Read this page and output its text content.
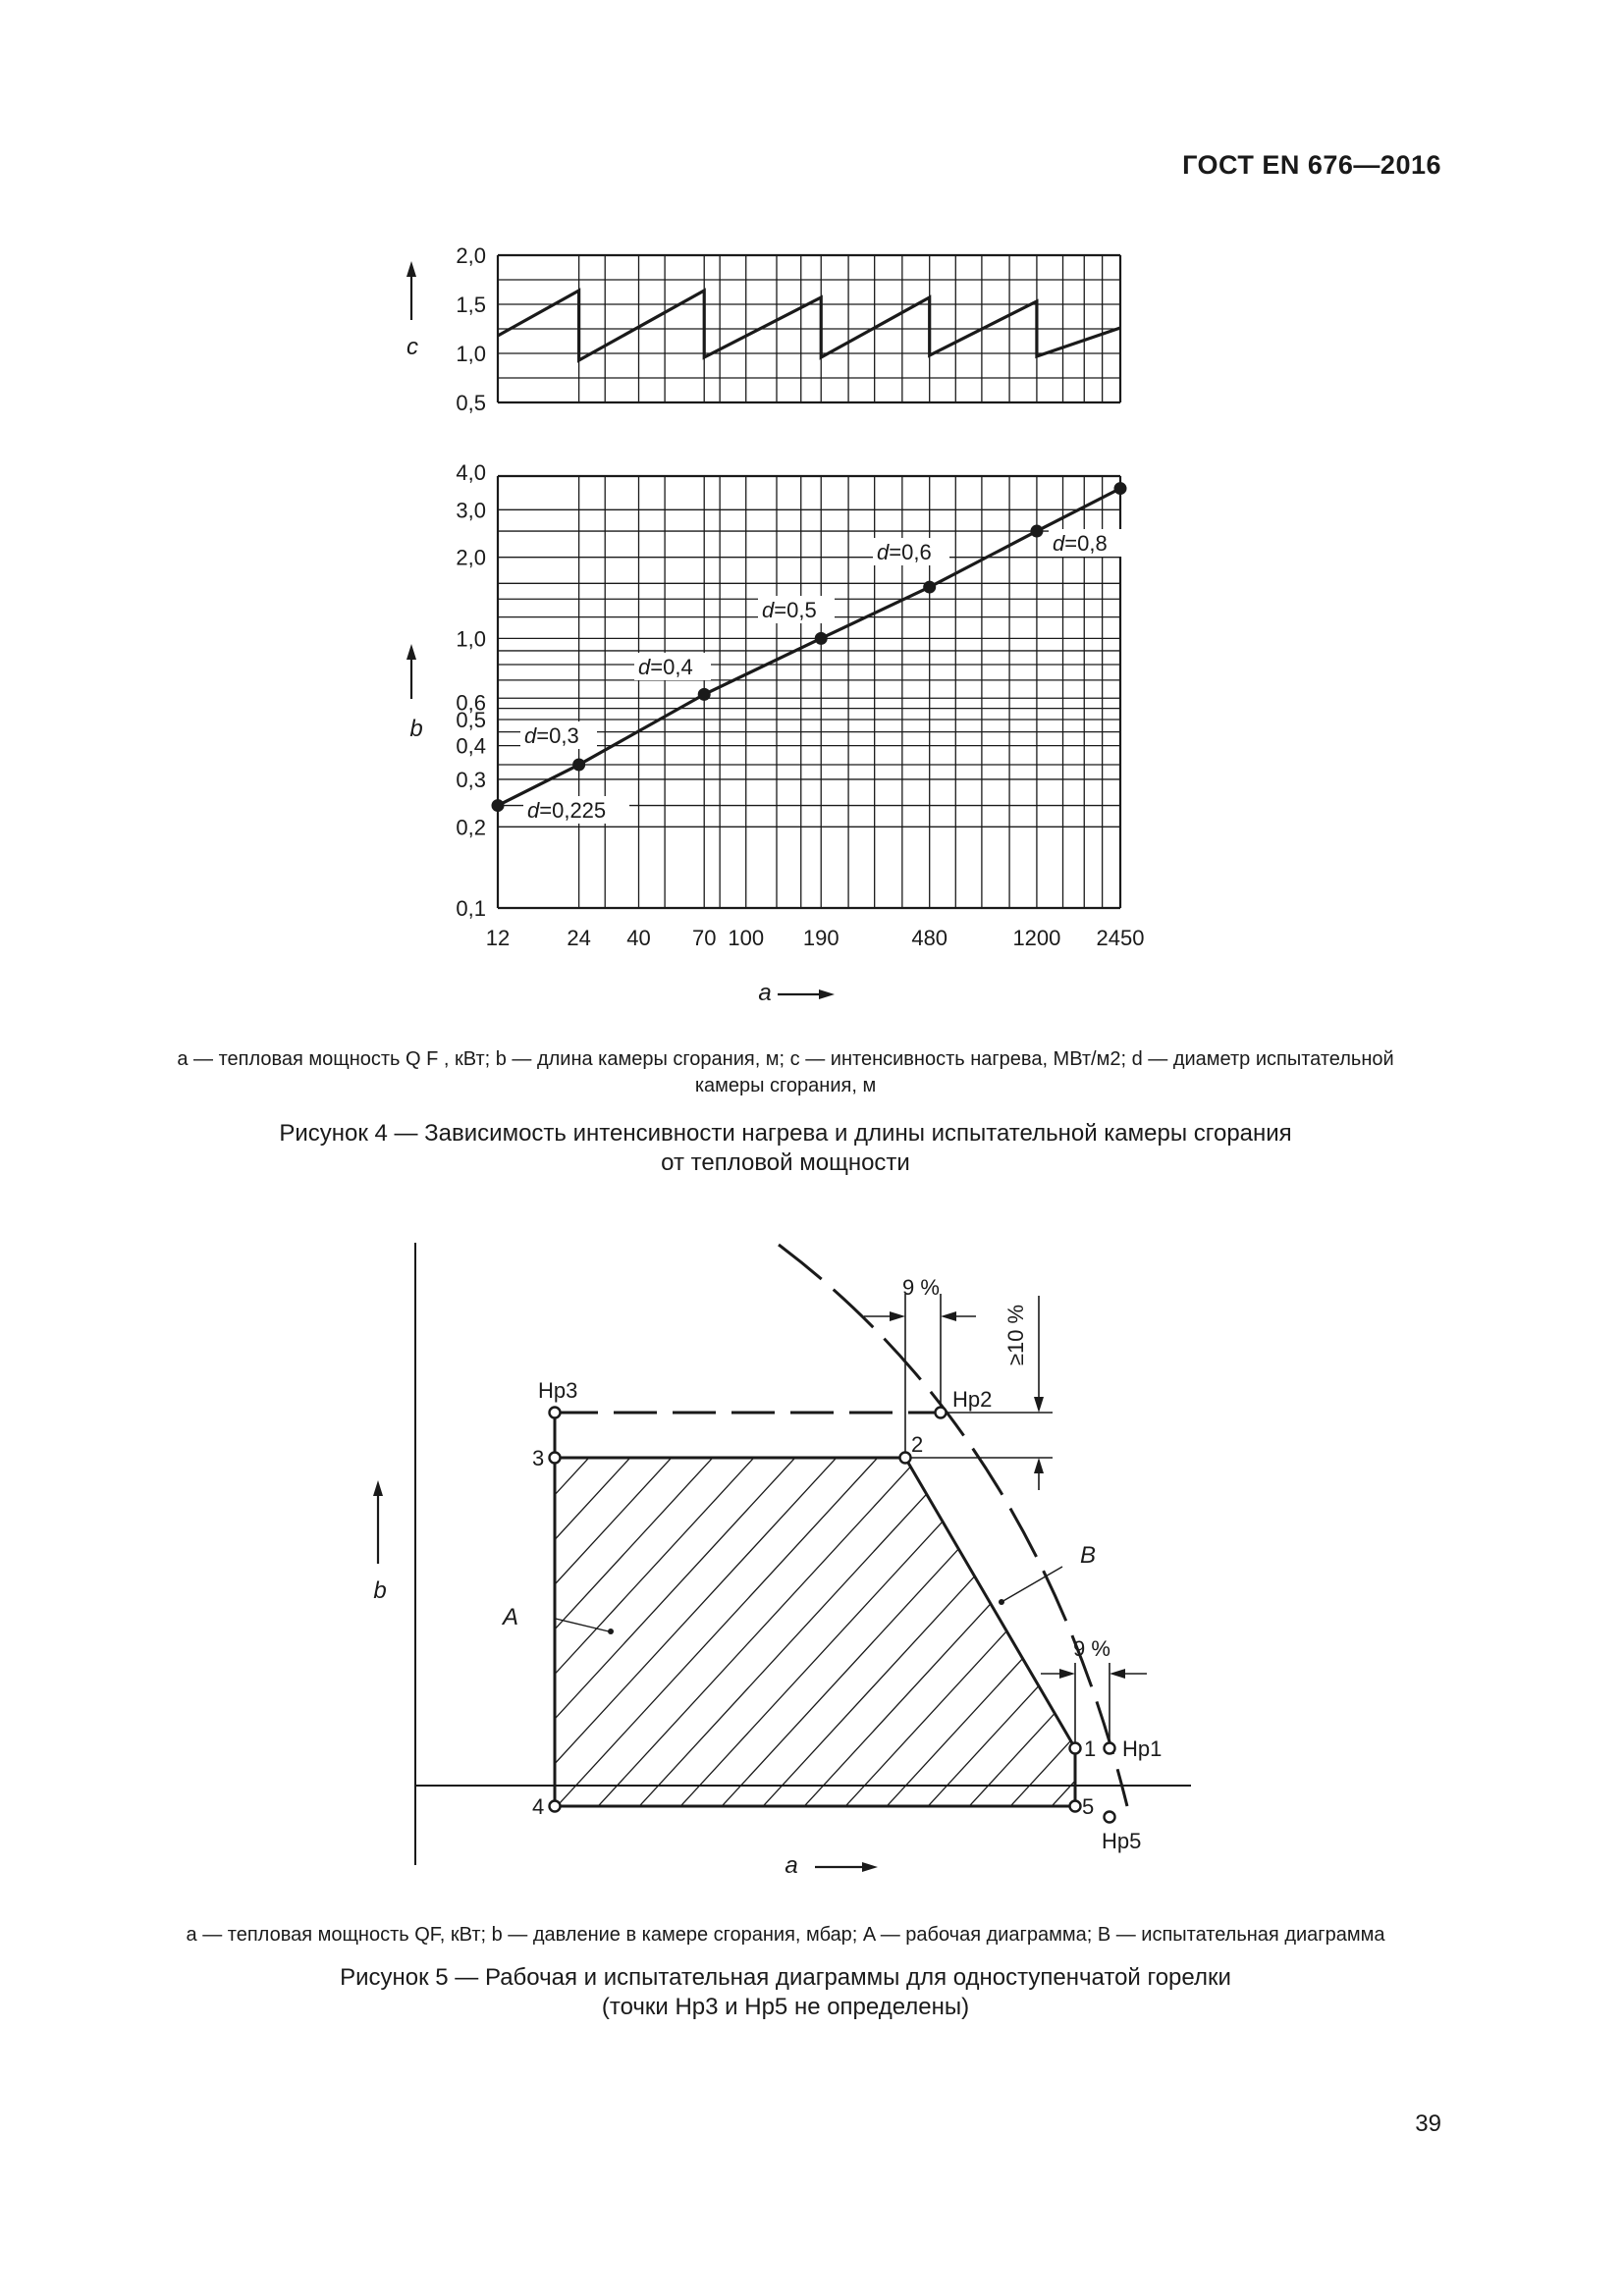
ГОСТ EN 676—2016
d=0,225
d=0,3
d=0,4
d=0,5
d=0,6	d=0,8
2,0
1,5
1,0
0,5
4,0
3,0
2,0
1,0
0,6
0,5
0,4
0,3
0,2
0,1
12	24 40 70 100 190	480	1200 2450
c
b
a
a — тепловая мощность Q F , кВт; b — длина камеры сгорания, м; c — интенсивность нагрева, МВт/м2; d — диаметр испытательной
камеры сгорания, м
Рисунок 4 — Зависимость интенсивности нагрева и длины испытательной камеры сгорания
от тепловой мощности
9 %
≥10 %
9 %
A
B
Hp3	Hp2
3
2
1 Hp1
4	5
Hp5
b
a
a — тепловая мощность QF, кВт; b — давление в камере сгорания, мбар; A — рабочая диаграмма; B — испытательная диаграмма
Рисунок 5 — Рабочая и испытательная диаграммы для одноступенчатой горелки
(точки Hp3 и Hp5 не определены)
39
